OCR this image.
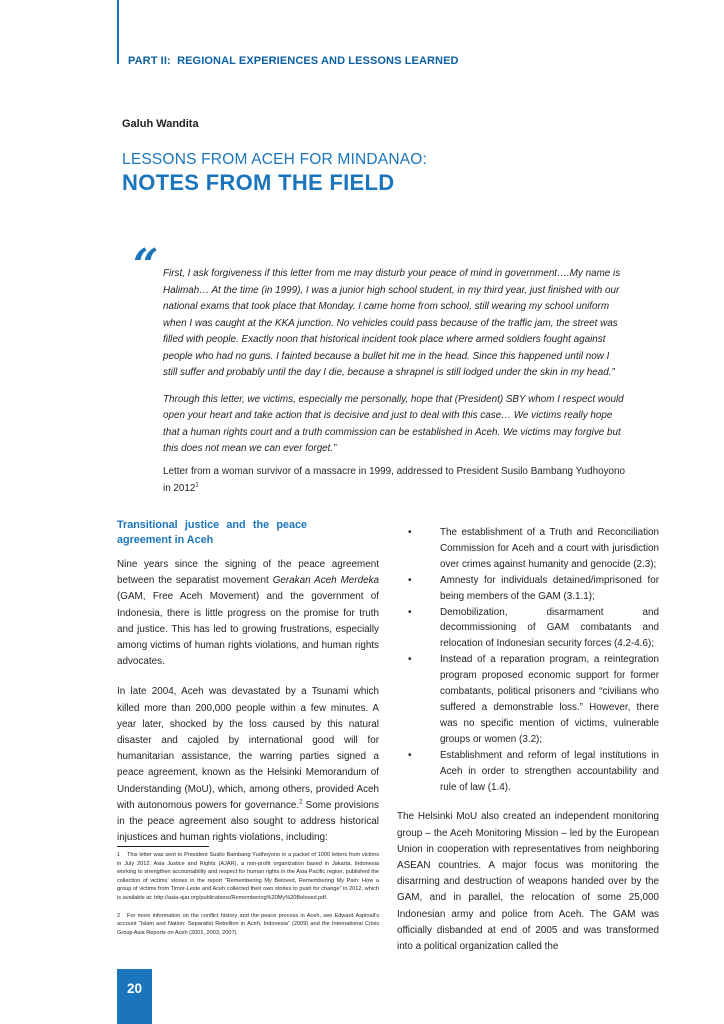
PART II: REGIONAL EXPERIENCES AND LESSONS LEARNED
Galuh Wandita
LESSONS FROM ACEH FOR MINDANAO:
NOTES FROM THE FIELD
“ First, I ask forgiveness if this letter from me may disturb your peace of mind in government….My name is Halimah… At the time (in 1999), I was a junior high school student, in my third year, just finished with our national exams that took place that Monday. I came home from school, still wearing my school uniform when I was caught at the KKA junction. No vehicles could pass because of the traffic jam, the street was filled with people. Exactly noon that historical incident took place where armed soldiers fought against people who had no guns. I fainted because a bullet hit me in the head. Since this happened until now I still suffer and probably until the day I die, because a shrapnel is still lodged under the skin in my head.”

Through this letter, we victims, especially me personally, hope that (President) SBY whom I respect would open your heart and take action that is decisive and just to deal with this case… We victims really hope that a human rights court and a truth commission can be established in Aceh. We victims may forgive but this does not mean we can ever forget.”

Letter from a woman survivor of a massacre in 1999, addressed to President Susilo Bambang Yudhoyono in 2012$^1$
Transitional justice and the peace agreement in Aceh

Nine years since the signing of the peace agreement between the separatist movement Gerakan Aceh Merdeka (GAM, Free Aceh Movement) and the government of Indonesia, there is little progress on the promise for truth and justice. This has led to growing frustrations, especially among victims of human rights violations, and human rights advocates.

In late 2004, Aceh was devastated by a Tsunami which killed more than 200,000 people within a few minutes. A year later, shocked by the loss caused by this natural disaster and cajoled by international good will for humanitarian assistance, the warring parties signed a peace agreement, known as the Helsinki Memorandum of Understanding (MoU), which, among others, provided Aceh with autonomous powers for governance.$^2$ Some provisions in the peace agreement also sought to address historical injustices and human rights violations, including:

1 This letter was sent to President Susilo Bambang Yudhoyono in a packet of 1000 letters from victims in July 2012. Asia Justice and Rights (AJAR), a non-profit organization based in Jakarta, Indonesia working to strengthen accountability and respect for human rights in the Asia Pacific region, published the collection of victims’ stories in the report “Remembering My Beloved, Remembering My Pain: How a group of victims from Timor-Leste and Aceh collected their own stories to push for change” in 2012, which is available at: http://asia-ajar.org/publications/Remembering%20My%20Beloved.pdf.

2 For more information on the conflict history and the peace process in Aceh, see Edward Aspinall’s account “Islam and Nation: Separatist Rebellion in Aceh, Indonesia” (2009) and the International Crisis Group Asia Reports on Aceh (2001, 2003, 2007).

•	The establishment of a Truth and Reconciliation Commission for Aceh and a court with jurisdiction over crimes against humanity and genocide (2.3);
•	Amnesty for individuals detained/imprisoned for being members of the GAM (3.1.1);
•	Demobilization, disarmament and decommissioning of GAM combatants and relocation of Indonesian security forces (4.2-4.6);
•	Instead of a reparation program, a reintegration program proposed economic support for former combatants, political prisoners and “civilians who suffered a demonstrable loss.” However, there was no specific mention of victims, vulnerable groups or women (3.2);
•	Establishment and reform of legal institutions in Aceh in order to strengthen accountability and rule of law (1.4).

The Helsinki MoU also created an independent monitoring group – the Aceh Monitoring Mission – led by the European Union in cooperation with representatives from neighboring ASEAN countries. A major focus was monitoring the disarming and destruction of weapons handed over by the GAM, and in parallel, the relocation of some 25,000 Indonesian army and police from Aceh. The GAM was officially disbanded at end of 2005 and was transformed into a political organization called the

20
